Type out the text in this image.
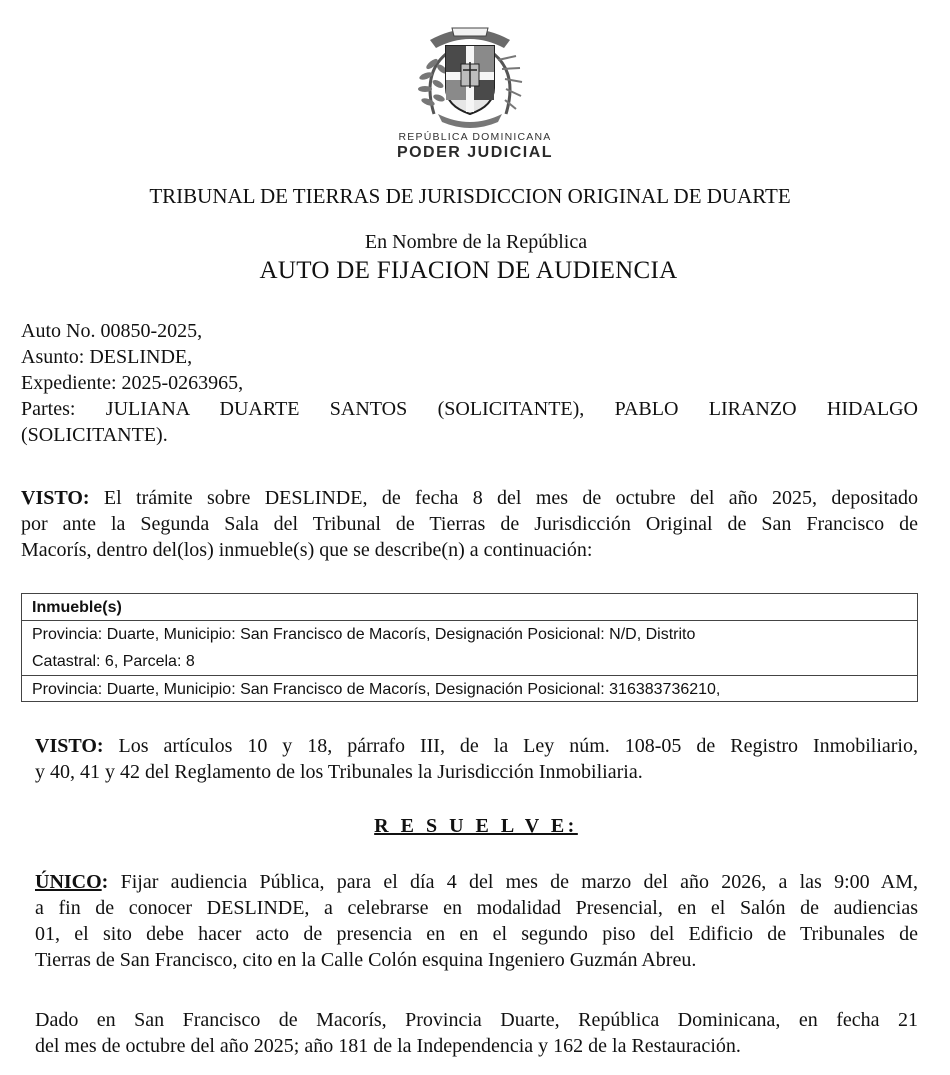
REPÚBLICA DOMINICANA
PODER JUDICIAL
TRIBUNAL DE TIERRAS DE JURISDICCION ORIGINAL DE DUARTE
En Nombre de la República
AUTO DE FIJACION DE AUDIENCIA
Auto No. 00850-2025,
Asunto: DESLINDE,
Expediente: 2025-0263965,
Partes: JULIANA DUARTE SANTOS (SOLICITANTE), PABLO LIRANZO HIDALGO
(SOLICITANTE).
VISTO: El trámite sobre DESLINDE, de fecha 8 del mes de octubre del año 2025, depositado
por ante la Segunda Sala del Tribunal de Tierras de Jurisdicción Original de San Francisco de
Macorís, dentro del(los) inmueble(s) que se describe(n) a continuación:
Inmueble(s)
Provincia: Duarte, Municipio: San Francisco de Macorís, Designación Posicional: N/D, Distrito
Catastral: 6, Parcela: 8
Provincia: Duarte, Municipio: San Francisco de Macorís, Designación Posicional: 316383736210,
VISTO: Los artículos 10 y 18, párrafo III, de la Ley núm. 108-05 de Registro Inmobiliario,
y 40, 41 y 42 del Reglamento de los Tribunales la Jurisdicción Inmobiliaria.
R E S U E L V E:
ÚNICO: Fijar audiencia Pública, para el día 4 del mes de marzo del año 2026, a las 9:00 AM,
a fin de conocer DESLINDE, a celebrarse en modalidad Presencial, en el Salón de audiencias
01, el sito debe hacer acto de presencia en en el segundo piso del Edificio de Tribunales de
Tierras de San Francisco, cito en la Calle Colón esquina Ingeniero Guzmán Abreu.
Dado en San Francisco de Macorís, Provincia Duarte, República Dominicana, en fecha 21
del mes de octubre del año 2025; año 181 de la Independencia y 162 de la Restauración.
